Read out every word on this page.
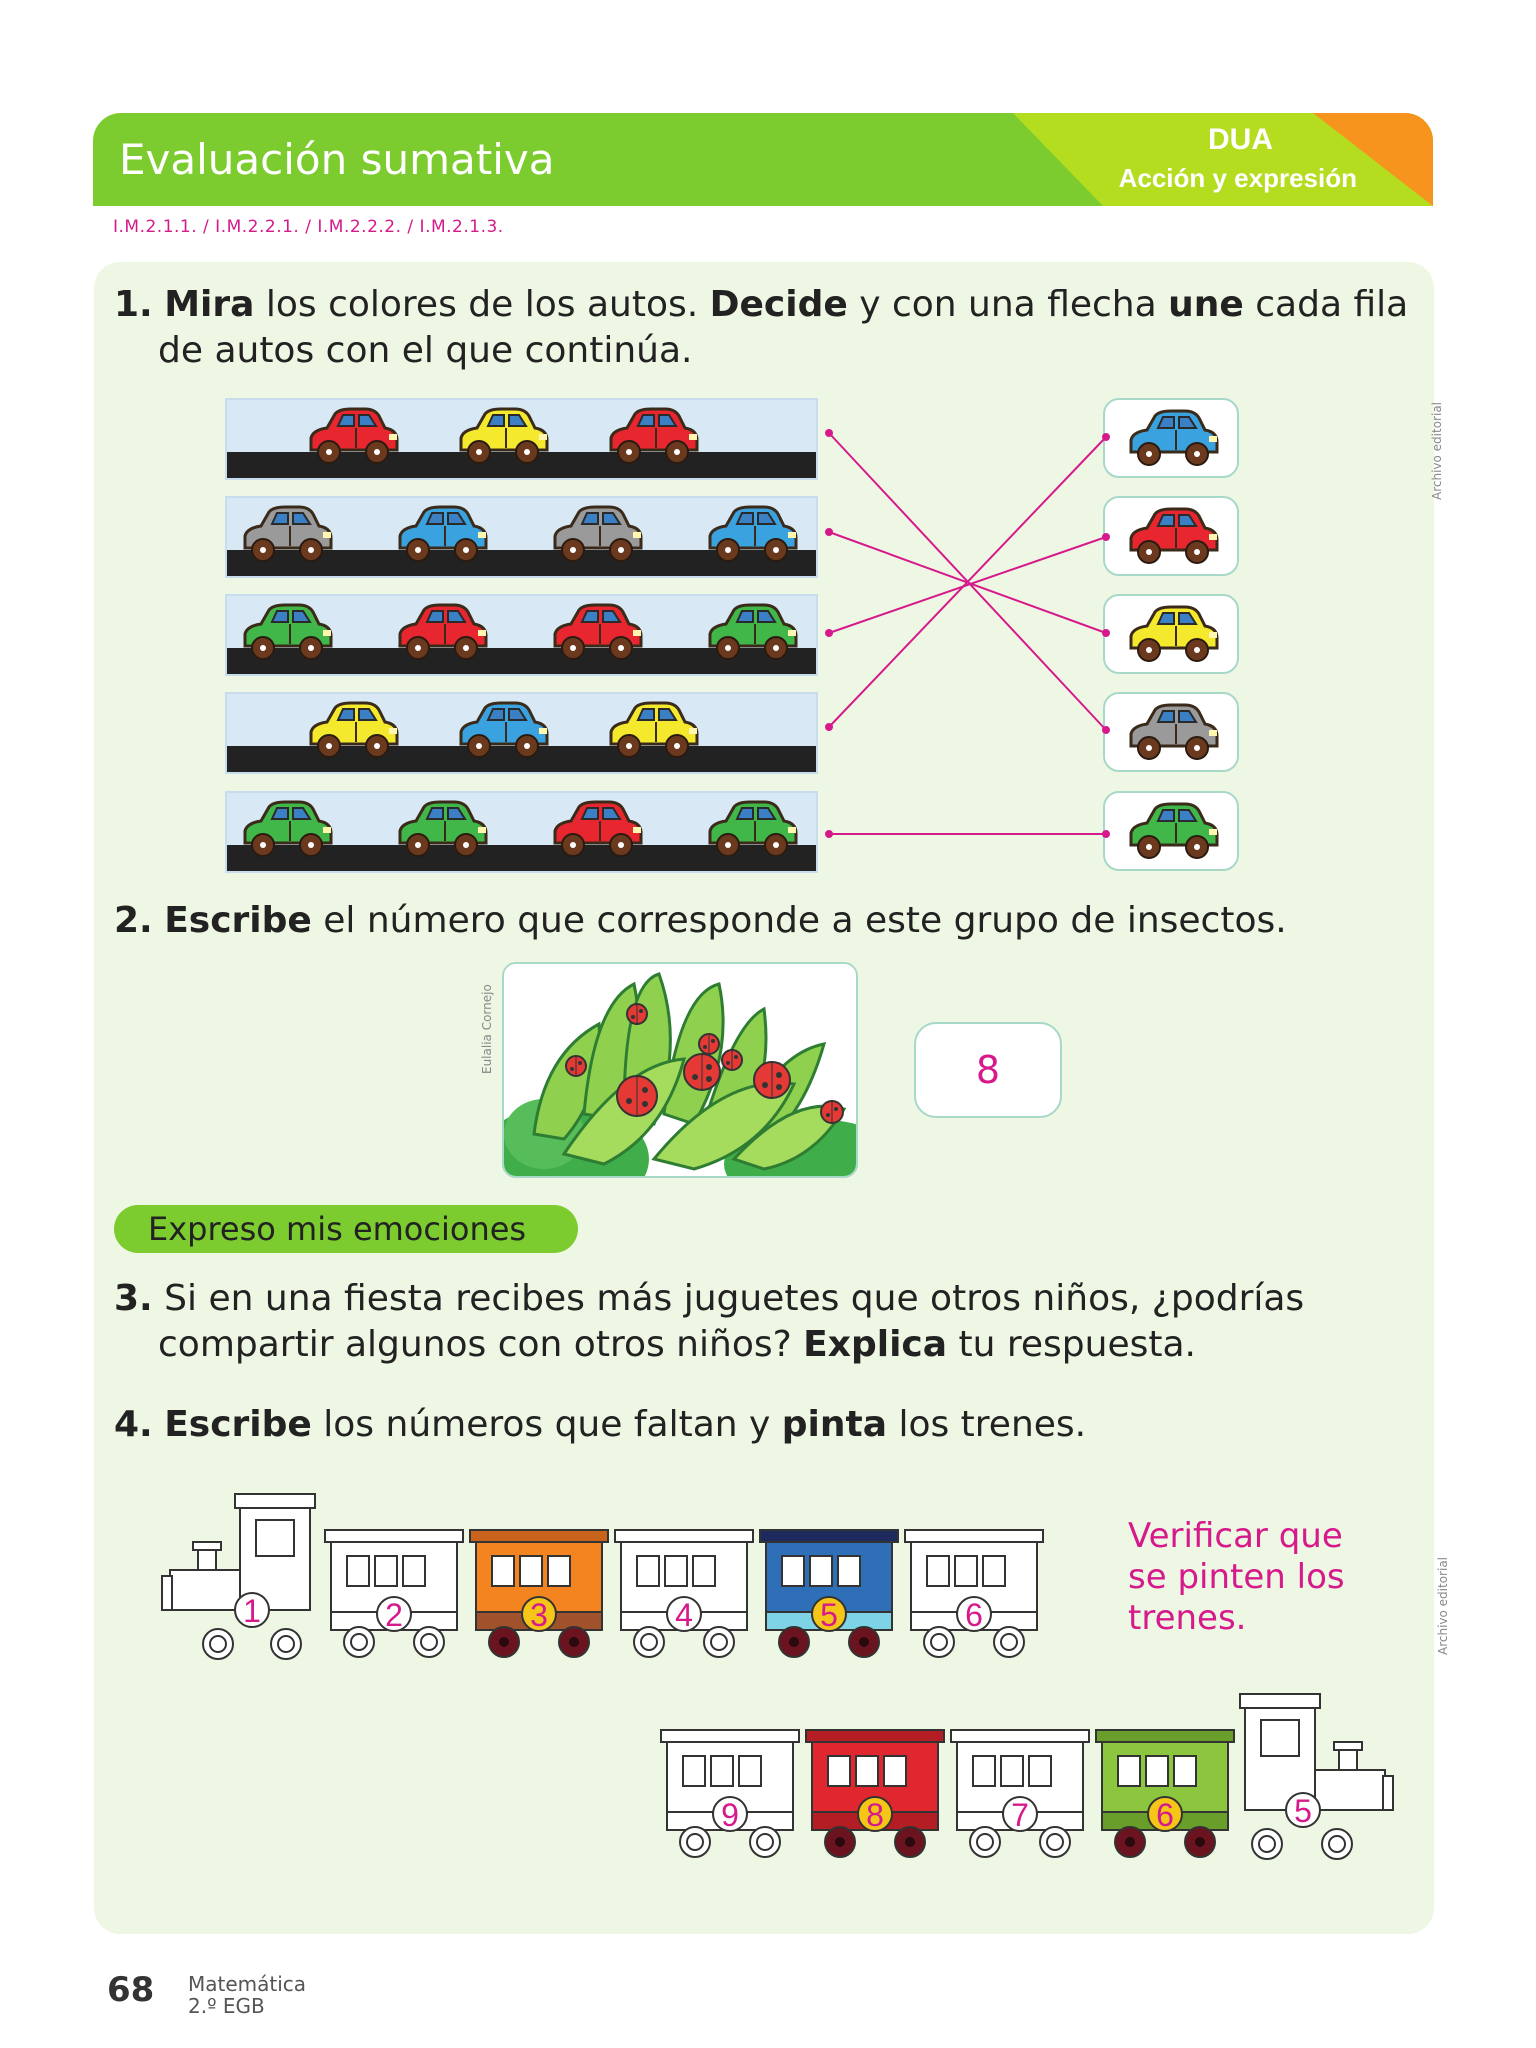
Evaluación sumativa	DUA
Acción y expresión
I.M.2.1.1. / I.M.2.2.1. / I.M.2.2.2. / I.M.2.1.3.
1. Mira los colores de los autos. Decide y con una flecha une cada fila
de autos con el que continúa.
Archivo editorial
2. Escribe el número que corresponde a este grupo de insectos.
Eulalia Cornejo	8
Expreso mis emociones
3. Si en una fiesta recibes más juguetes que otros niños, ¿podrías
compartir algunos con otros niños? Explica tu respuesta.
4. Escribe los números que faltan y pinta los trenes.
1	2	3	4	5	6
9	8	7	6	5
Verificar que se pinten los trenes.	Archivo editorial
68 Matemática
2.º EGB
